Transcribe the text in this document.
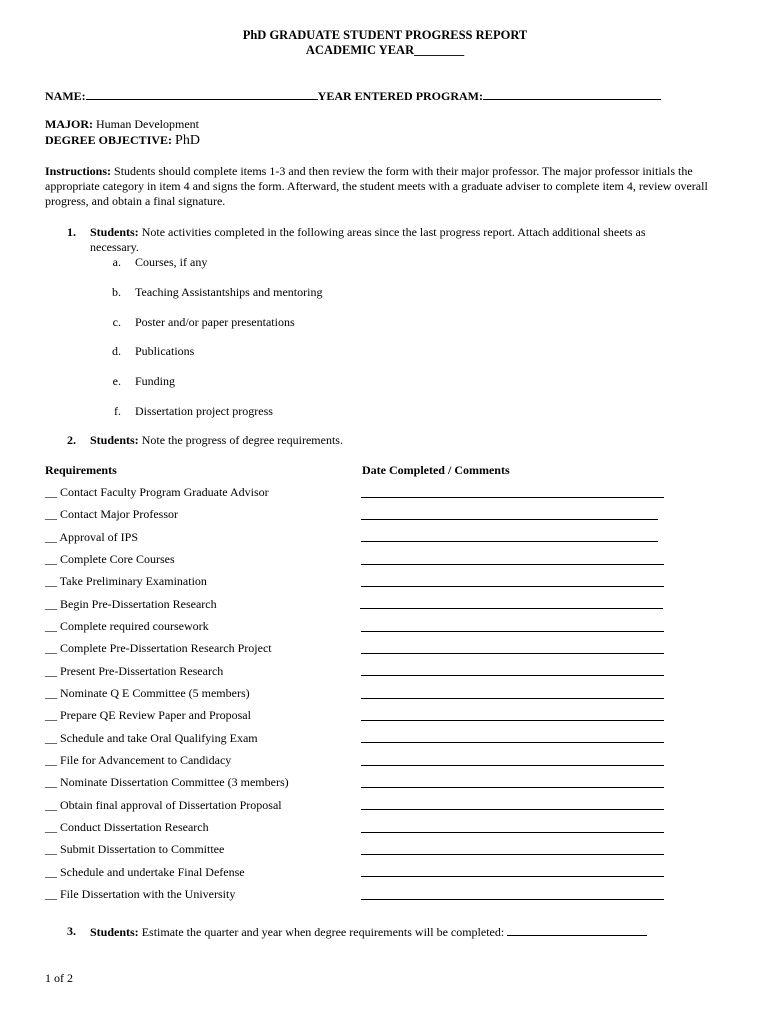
PhD GRADUATE STUDENT PROGRESS REPORT
ACADEMIC YEAR________
NAME:	YEAR ENTERED PROGRAM:
MAJOR: Human Development
DEGREE OBJECTIVE: PhD
Instructions: Students should complete items 1-3 and then review the form with their major professor. The major professor initials the appropriate category in item 4 and signs the form. Afterward, the student meets with a graduate adviser to complete item 4, review overall progress, and obtain a final signature.
1. Students: Note activities completed in the following areas since the last progress report. Attach additional sheets as necessary.
a. Courses, if any
b. Teaching Assistantships and mentoring
c. Poster and/or paper presentations
d. Publications
e. Funding
f. Dissertation project progress
2. Students: Note the progress of degree requirements.
Requirements	Date Completed / Comments
__ Contact Faculty Program Graduate Advisor
__ Contact Major Professor
__ Approval of IPS
__ Complete Core Courses
__ Take Preliminary Examination
__ Begin Pre-Dissertation Research
__ Complete required coursework
__ Complete Pre-Dissertation Research Project
__ Present Pre-Dissertation Research
__ Nominate Q E Committee (5 members)
__ Prepare QE Review Paper and Proposal
__ Schedule and take Oral Qualifying Exam
__ File for Advancement to Candidacy
__ Nominate Dissertation Committee (3 members)
__ Obtain final approval of Dissertation Proposal
__ Conduct Dissertation Research
__ Submit Dissertation to Committee
__ Schedule and undertake Final Defense
__ File Dissertation with the University
3. Students: Estimate the quarter and year when degree requirements will be completed:
1 of 2
